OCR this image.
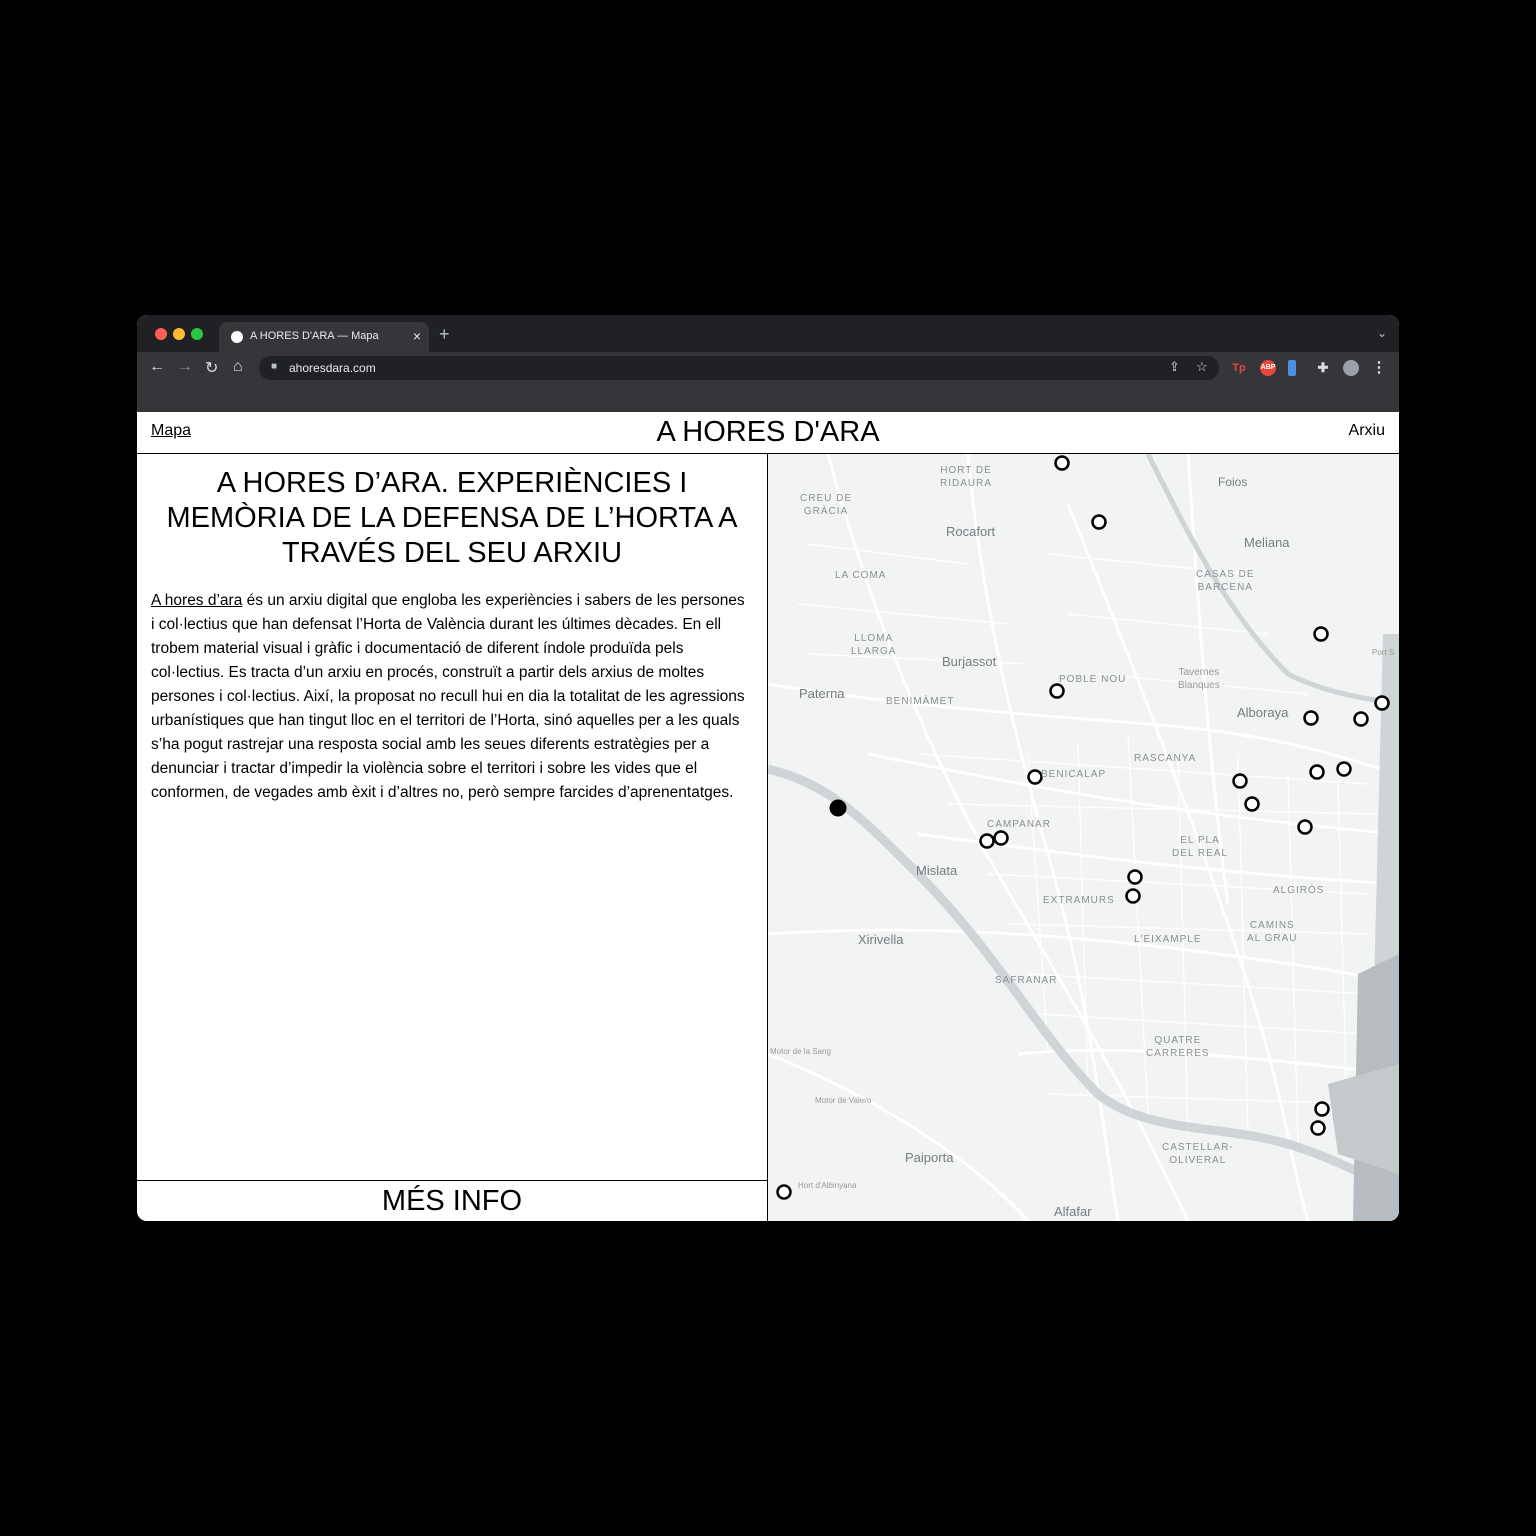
A HORES D'ARA — Mapa × +	⌄
← → ↻ ⌂	■ ahoresdara.com	⇪ ☆ Tp ABP	✚	⋮
Mapa	A HORES D'ARA	Arxiu
A HORES D’ARA. EXPERIÈNCIES I MEMÒRIA DE LA DEFENSA DE L’HORTA A TRAVÉS DEL SEU ARXIU

A hores d’ara és un arxiu digital que engloba les experiències i sabers de les persones i col·lectius que han defensat l’Horta de València durant les últimes dècades. En ell trobem material visual i gràfic i documentació de diferent índole produïda pels col·lectius. Es tracta d’un arxiu en procés, construït a partir dels arxius de moltes persones i col·lectius. Així, la proposat no recull hui en dia la totalitat de les agressions urbanístiques que han tingut lloc en el territori de l’Horta, sinó aquelles per a les quals s’ha pogut rastrejar una resposta social amb les seues diferents estratègies per a denunciar i tractar d’impedir la violència sobre el territori i sobre les vides que el conformen, de vegades amb èxit i d’altres no, però sempre farcides d’aprenentatges.

MÉS INFO
HORT DE
RIDAURA	Foios
CREU DE
GRÀCIA
Rocafort
Meliana
LA COMA	CASAS DE
BARCENA
LLOMA
LLARGA
Burjassot
POBLE NOU
Tavernes
Blanques
Port S
Paterna
BENIMÀMET
Alboraya
RASCANYA
BENICALAP
CAMPANAR
EL PLA
DEL REAL
Mislata
ALGIRÒS
EXTRAMURS
CAMINS
AL GRAU
Xirivella	L'EIXAMPLE
SAFRANAR
Motor de la Sang
QUATRE
CARRERES
Motor de Valero
CASTELLAR-
OLIVERAL
Paiporta
Hort d'Albinyana
Alfafar
